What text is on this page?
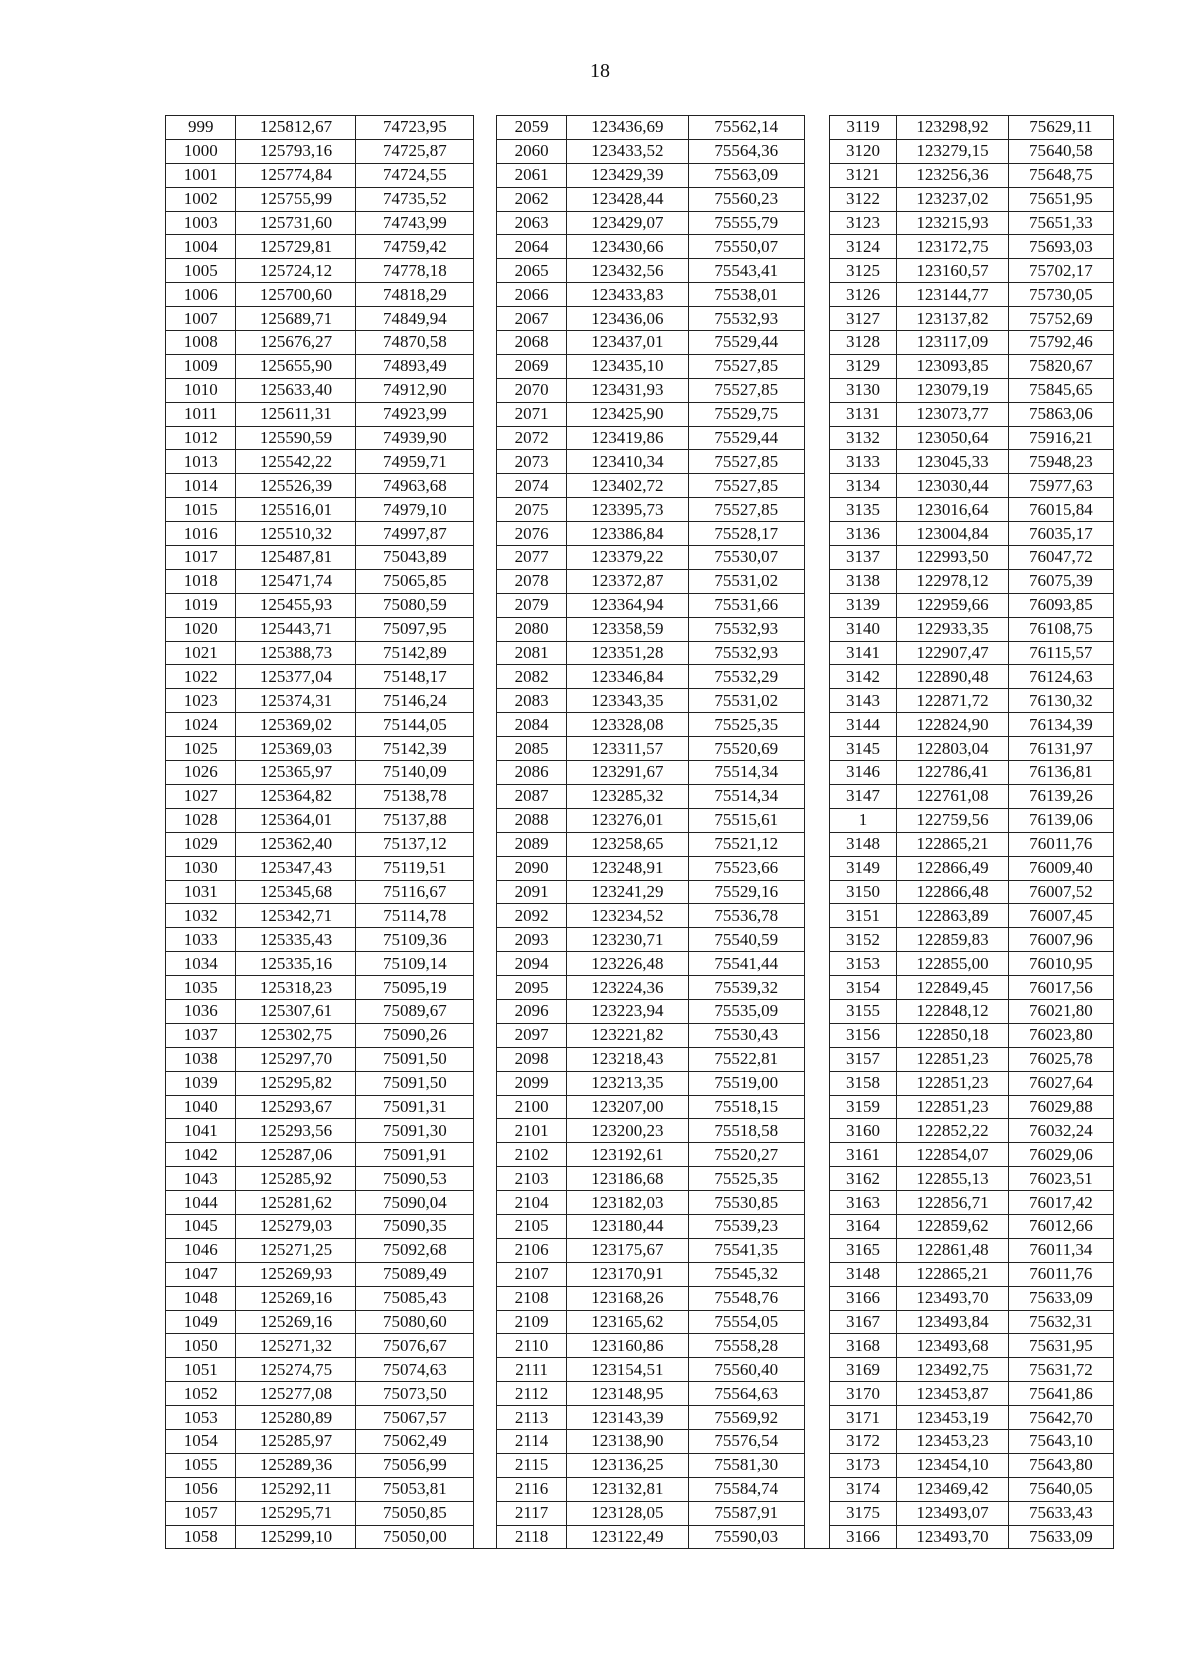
18
999	125812,67	74723,95		2059	123436,69	75562,14		3119	123298,92	75629,11
1000	125793,16	74725,87		2060	123433,52	75564,36		3120	123279,15	75640,58
1001	125774,84	74724,55		2061	123429,39	75563,09		3121	123256,36	75648,75
1002	125755,99	74735,52		2062	123428,44	75560,23		3122	123237,02	75651,95
1003	125731,60	74743,99		2063	123429,07	75555,79		3123	123215,93	75651,33
1004	125729,81	74759,42		2064	123430,66	75550,07		3124	123172,75	75693,03
1005	125724,12	74778,18		2065	123432,56	75543,41		3125	123160,57	75702,17
1006	125700,60	74818,29		2066	123433,83	75538,01		3126	123144,77	75730,05
1007	125689,71	74849,94		2067	123436,06	75532,93		3127	123137,82	75752,69
1008	125676,27	74870,58		2068	123437,01	75529,44		3128	123117,09	75792,46
1009	125655,90	74893,49		2069	123435,10	75527,85		3129	123093,85	75820,67
1010	125633,40	74912,90		2070	123431,93	75527,85		3130	123079,19	75845,65
1011	125611,31	74923,99		2071	123425,90	75529,75		3131	123073,77	75863,06
1012	125590,59	74939,90		2072	123419,86	75529,44		3132	123050,64	75916,21
1013	125542,22	74959,71		2073	123410,34	75527,85		3133	123045,33	75948,23
1014	125526,39	74963,68		2074	123402,72	75527,85		3134	123030,44	75977,63
1015	125516,01	74979,10		2075	123395,73	75527,85		3135	123016,64	76015,84
1016	125510,32	74997,87		2076	123386,84	75528,17		3136	123004,84	76035,17
1017	125487,81	75043,89		2077	123379,22	75530,07		3137	122993,50	76047,72
1018	125471,74	75065,85		2078	123372,87	75531,02		3138	122978,12	76075,39
1019	125455,93	75080,59		2079	123364,94	75531,66		3139	122959,66	76093,85
1020	125443,71	75097,95		2080	123358,59	75532,93		3140	122933,35	76108,75
1021	125388,73	75142,89		2081	123351,28	75532,93		3141	122907,47	76115,57
1022	125377,04	75148,17		2082	123346,84	75532,29		3142	122890,48	76124,63
1023	125374,31	75146,24		2083	123343,35	75531,02		3143	122871,72	76130,32
1024	125369,02	75144,05		2084	123328,08	75525,35		3144	122824,90	76134,39
1025	125369,03	75142,39		2085	123311,57	75520,69		3145	122803,04	76131,97
1026	125365,97	75140,09		2086	123291,67	75514,34		3146	122786,41	76136,81
1027	125364,82	75138,78		2087	123285,32	75514,34		3147	122761,08	76139,26
1028	125364,01	75137,88		2088	123276,01	75515,61		1	122759,56	76139,06
1029	125362,40	75137,12		2089	123258,65	75521,12		3148	122865,21	76011,76
1030	125347,43	75119,51		2090	123248,91	75523,66		3149	122866,49	76009,40
1031	125345,68	75116,67		2091	123241,29	75529,16		3150	122866,48	76007,52
1032	125342,71	75114,78		2092	123234,52	75536,78		3151	122863,89	76007,45
1033	125335,43	75109,36		2093	123230,71	75540,59		3152	122859,83	76007,96
1034	125335,16	75109,14		2094	123226,48	75541,44		3153	122855,00	76010,95
1035	125318,23	75095,19		2095	123224,36	75539,32		3154	122849,45	76017,56
1036	125307,61	75089,67		2096	123223,94	75535,09		3155	122848,12	76021,80
1037	125302,75	75090,26		2097	123221,82	75530,43		3156	122850,18	76023,80
1038	125297,70	75091,50		2098	123218,43	75522,81		3157	122851,23	76025,78
1039	125295,82	75091,50		2099	123213,35	75519,00		3158	122851,23	76027,64
1040	125293,67	75091,31		2100	123207,00	75518,15		3159	122851,23	76029,88
1041	125293,56	75091,30		2101	123200,23	75518,58		3160	122852,22	76032,24
1042	125287,06	75091,91		2102	123192,61	75520,27		3161	122854,07	76029,06
1043	125285,92	75090,53		2103	123186,68	75525,35		3162	122855,13	76023,51
1044	125281,62	75090,04		2104	123182,03	75530,85		3163	122856,71	76017,42
1045	125279,03	75090,35		2105	123180,44	75539,23		3164	122859,62	76012,66
1046	125271,25	75092,68		2106	123175,67	75541,35		3165	122861,48	76011,34
1047	125269,93	75089,49		2107	123170,91	75545,32		3148	122865,21	76011,76
1048	125269,16	75085,43		2108	123168,26	75548,76		3166	123493,70	75633,09
1049	125269,16	75080,60		2109	123165,62	75554,05		3167	123493,84	75632,31
1050	125271,32	75076,67		2110	123160,86	75558,28		3168	123493,68	75631,95
1051	125274,75	75074,63		2111	123154,51	75560,40		3169	123492,75	75631,72
1052	125277,08	75073,50		2112	123148,95	75564,63		3170	123453,87	75641,86
1053	125280,89	75067,57		2113	123143,39	75569,92		3171	123453,19	75642,70
1054	125285,97	75062,49		2114	123138,90	75576,54		3172	123453,23	75643,10
1055	125289,36	75056,99		2115	123136,25	75581,30		3173	123454,10	75643,80
1056	125292,11	75053,81		2116	123132,81	75584,74		3174	123469,42	75640,05
1057	125295,71	75050,85		2117	123128,05	75587,91		3175	123493,07	75633,43
1058	125299,10	75050,00		2118	123122,49	75590,03		3166	123493,70	75633,09
